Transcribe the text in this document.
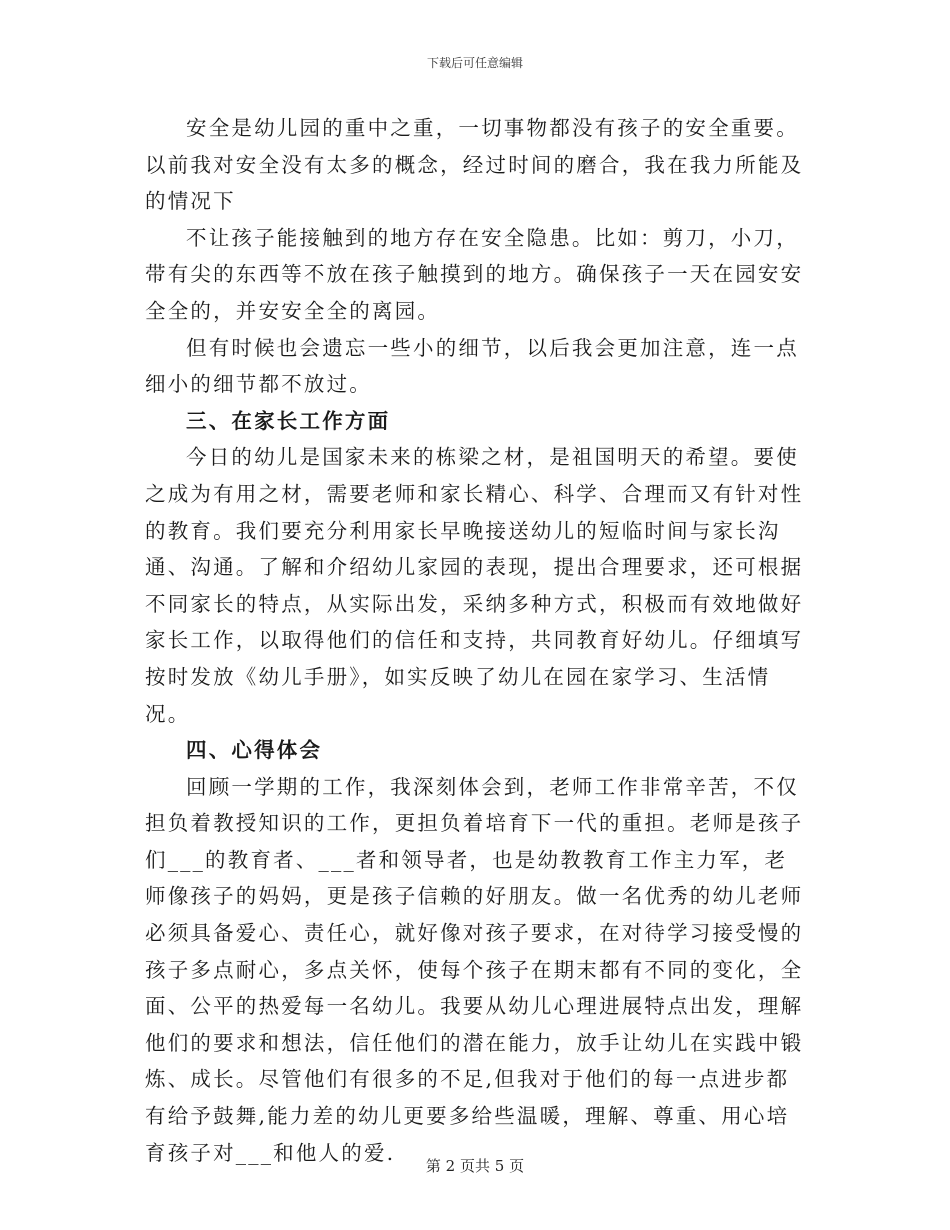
下载后可任意编辑

安全是幼儿园的重中之重，一切事物都没有孩子的安全重要。以前我对安全没有太多的概念，经过时间的磨合，我在我力所能及的情况下

不让孩子能接触到的地方存在安全隐患。比如：剪刀，小刀，带有尖的东西等不放在孩子触摸到的地方。确保孩子一天在园安安全全的，并安安全全的离园。

但有时候也会遗忘一些小的细节，以后我会更加注意，连一点细小的细节都不放过。

三、在家长工作方面

今日的幼儿是国家未来的栋梁之材，是祖国明天的希望。要使之成为有用之材，需要老师和家长精心、科学、合理而又有针对性的教育。我们要充分利用家长早晚接送幼儿的短临时间与家长沟通、沟通。了解和介绍幼儿家园的表现，提出合理要求，还可根据不同家长的特点，从实际出发，采纳多种方式，积极而有效地做好家长工作，以取得他们的信任和支持，共同教育好幼儿。仔细填写按时发放《幼儿手册》，如实反映了幼儿在园在家学习、生活情况。

四、心得体会

回顾一学期的工作，我深刻体会到，老师工作非常辛苦，不仅担负着教授知识的工作，更担负着培育下一代的重担。老师是孩子们___的教育者、___者和领导者，也是幼教教育工作主力军，老师像孩子的妈妈，更是孩子信赖的好朋友。做一名优秀的幼儿老师必须具备爱心、责任心，就好像对孩子要求，在对待学习接受慢的孩子多点耐心，多点关怀，使每个孩子在期末都有不同的变化，全面、公平的热爱每一名幼儿。我要从幼儿心理进展特点出发，理解他们的要求和想法，信任他们的潜在能力，放手让幼儿在实践中锻炼、成长。尽管他们有很多的不足,但我对于他们的每一点进步都有给予鼓舞,能力差的幼儿更要多给些温暖，理解、尊重、用心培育孩子对___和他人的爱.

第 2 页共 5 页
